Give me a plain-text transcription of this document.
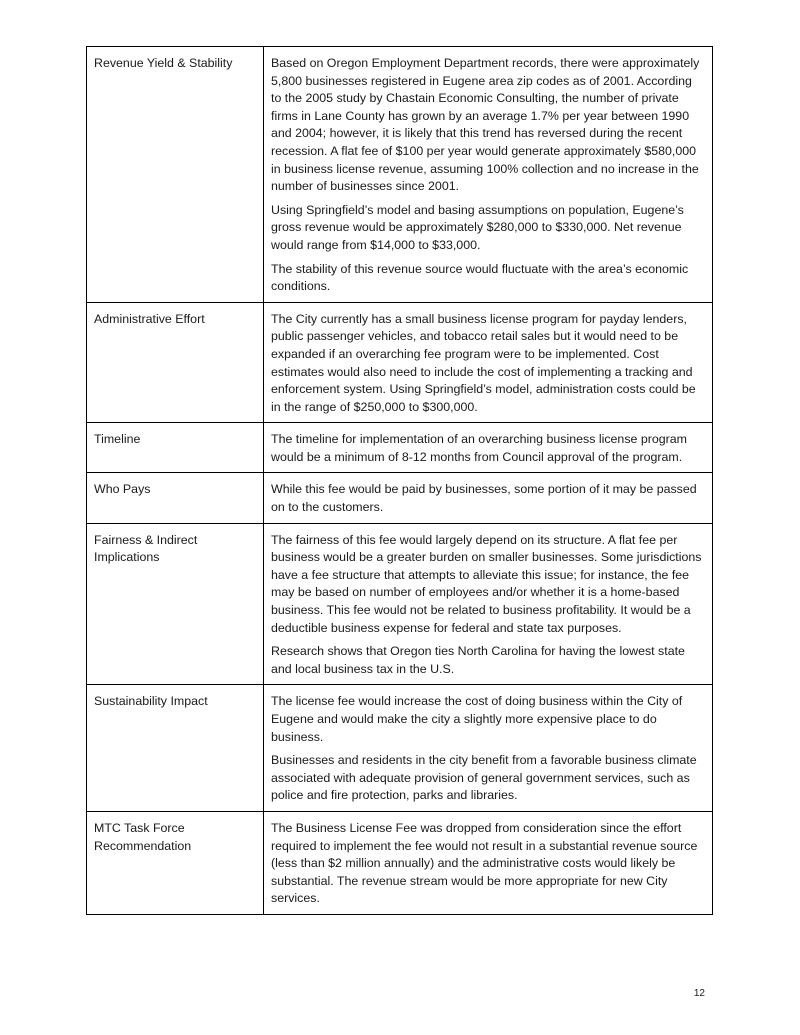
Revenue Yield & Stability	Based on Oregon Employment Department records, there were approximately 5,800 businesses registered in Eugene area zip codes as of 2001. According to the 2005 study by Chastain Economic Consulting, the number of private firms in Lane County has grown by an average 1.7% per year between 1990 and 2004; however, it is likely that this trend has reversed during the recent recession. A flat fee of $100 per year would generate approximately $580,000 in business license revenue, assuming 100% collection and no increase in the number of businesses since 2001.

Using Springfield’s model and basing assumptions on population, Eugene’s gross revenue would be approximately $280,000 to $330,000. Net revenue would range from $14,000 to $33,000.

The stability of this revenue source would fluctuate with the area’s economic conditions.

Administrative Effort	The City currently has a small business license program for payday lenders, public passenger vehicles, and tobacco retail sales but it would need to be expanded if an overarching fee program were to be implemented. Cost estimates would also need to include the cost of implementing a tracking and enforcement system. Using Springfield’s model, administration costs could be in the range of $250,000 to $300,000.

Timeline	The timeline for implementation of an overarching business license program would be a minimum of 8-12 months from Council approval of the program.

Who Pays	While this fee would be paid by businesses, some portion of it may be passed on to the customers.

Fairness & Indirect Implications	The fairness of this fee would largely depend on its structure. A flat fee per business would be a greater burden on smaller businesses. Some jurisdictions have a fee structure that attempts to alleviate this issue; for instance, the fee may be based on number of employees and/or whether it is a home-based business. This fee would not be related to business profitability. It would be a deductible business expense for federal and state tax purposes.

Research shows that Oregon ties North Carolina for having the lowest state and local business tax in the U.S.

Sustainability Impact	The license fee would increase the cost of doing business within the City of Eugene and would make the city a slightly more expensive place to do business.

Businesses and residents in the city benefit from a favorable business climate associated with adequate provision of general government services, such as police and fire protection, parks and libraries.

MTC Task Force Recommendation	The Business License Fee was dropped from consideration since the effort required to implement the fee would not result in a substantial revenue source (less than $2 million annually) and the administrative costs would likely be substantial. The revenue stream would be more appropriate for new City services.

12
